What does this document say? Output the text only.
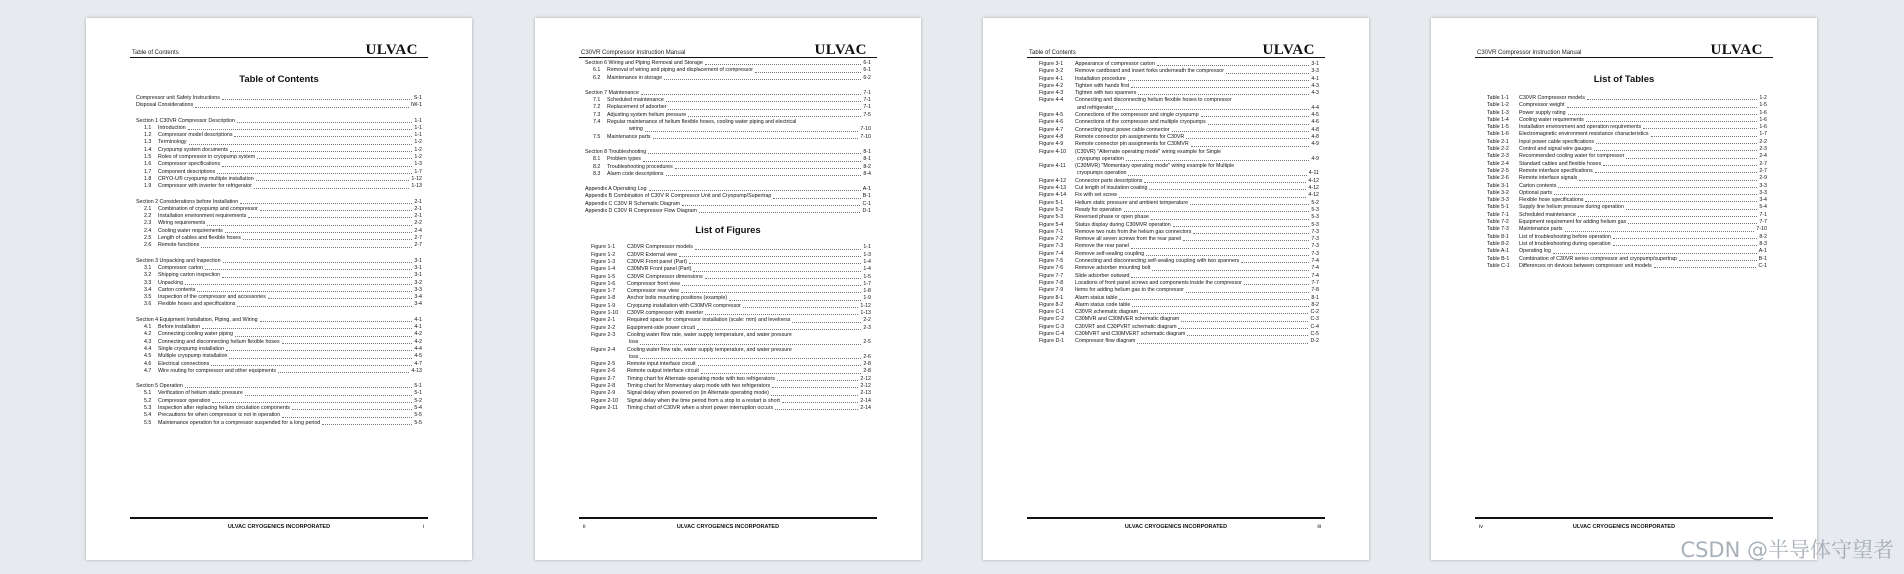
Table of Contents	ULVAC
Table of Contents
Compressor unit Safety Instructions	S-1
Disposal Considerations	IW-1
Section 1 C30VR Compressor Description	1-1
1.1	Introduction	1-1
1.2	Compressor model descriptions	1-1
1.3	Terminology	1-2
1.4	Cryopump system documents	1-2
1.5	Roles of compressor in cryopump system	1-2
1.6	Compressor specifications	1-3
1.7	Component descriptions	1-7
1.8	CRYO-U® cryopump multiple installation	1-12
1.9	Compressor with inverter for refrigerator	1-13
Section 2 Considerations before Installation	2-1
2.1	Combination of cryopump and compressor	2-1
2.2	Installation environment requirements	2-1
2.3	Wiring requirements	2-2
2.4	Cooling water requirements	2-4
2.5	Length of cables and flexible hoses	2-7
2.6	Remote functions	2-7
Section 3 Unpacking and Inspection	3-1
3.1	Compressor carton	3-1
3.2	Shipping carton inspection	3-1
3.3	Unpacking	3-2
3.4	Carton contents	3-3
3.5	Inspection of the compressor and accessories	3-4
3.6	Flexible hoses and specifications	3-4
Section 4 Equipment Installation, Piping, and Wiring	4-1
4.1	Before installation	4-1
4.2	Connecting cooling water piping	4-2
4.3	Connecting and disconnecting helium flexible hoses	4-2
4.4	Single cryopump installation	4-4
4.5	Multiple cryopump installation	4-5
4.6	Electrical connections	4-7
4.7	Wire routing for compressor and other equipments	4-13
Section 5 Operation	5-1
5.1	Verification of helium static pressure	5-1
5.2	Compressor operation	5-2
5.3	Inspection after replacing helium circulation components	5-4
5.4	Precautions for when compressor is not in operation	5-5
5.5	Maintenance operation for a compressor suspended for a long period	5-5
ULVAC CRYOGENICS INCORPORATED	i
C30VR Compressor Instruction Manual	ULVAC
Section 6 Wiring and Piping Removal and Storage	6-1
6.1	Removal of wiring and piping and displacement of compressor	6-1
6.2	Maintenance in storage	6-2
Section 7 Maintenance	7-1
7.1	Scheduled maintenance	7-1
7.2	Replacement of adsorber	7-1
7.3	Adjusting system helium pressure	7-5
7.4	Regular maintenance of helium flexible hoses, cooling water piping and electrical
wiring	7-10
7.5	Maintenance parts	7-10
Section 8 Troubleshooting	8-1
8.1	Problem types	8-1
8.2	Troubleshooting procedures	8-2
8.3	Alarm code descriptions	8-4
Appendix A Operating Log	A-1
Appendix B Combination of C30V R Compressor Unit and Cryopump/Supertrap	B-1
Appendix C C30V R Schematic Diagram	C-1
Appendix D C30V R Compressor Flow Diagram	D-1
List of Figures
Figure 1-1	C30VR Compressor models	1-1
Figure 1-2	C30VR External view	1-3
Figure 1-3	C30VR Front panel (Part)	1-4
Figure 1-4	C30MVR Front panel (Part)	1-4
Figure 1-5	C30VR Compressor dimensions	1-5
Figure 1-6	Compressor front view	1-7
Figure 1-7	Compressor rear view	1-8
Figure 1-8	Anchor bolts mounting positions (example)	1-9
Figure 1-9	Cryopump installation with C30MVR compressor	1-12
Figure 1-10	C30VR compressor with inverter	1-13
Figure 2-1	Required space for compressor installation (scale: mm) and levelness	2-2
Figure 2-2	Equipment-side power circuit	2-3
Figure 2-3	Cooling water flow rate, water supply temperature, and water pressure
loss	2-5
Figure 2-4	Cooling water flow rate, water supply temperature, and water pressure
loss	2-6
Figure 2-5	Remote input interface circuit	2-8
Figure 2-6	Remote output interface circuit	2-8
Figure 2-7	Timing chart for Alternate operating mode with two refrigerators	2-12
Figure 2-8	Timing chart for Momentary alarp mode with two refrigerators	2-12
Figure 2-9	Signal delay when powered on (in Alternate operating mode)	2-13
Figure 2-10	Signal delay when the time period from a stop to a restart is short	2-14
Figure 2-11	Timing chart of C30VR when a short power interruption occurs	2-14
ULVAC CRYOGENICS INCORPORATED
ii
Table of Contents	ULVAC
Figure 3-1	Appearance of compressor carton	3-1
Figure 3-2	Remove cardboard and insert forks underneath the compressor	3-3
Figure 4-1	Installation procedure	4-1
Figure 4-2	Tighten with hands first	4-3
Figure 4-3	Tighten with two spanners	4-3
Figure 4-4	Connecting and disconnecting helium flexible hoses to compressor
and refrigerator	4-4
Figure 4-5	Connections of the compressor and single cryopump	4-5
Figure 4-6	Connections of the compressor and multiple cryopumps	4-6
Figure 4-7	Connecting input power cable connector	4-8
Figure 4-8	Remote connector pin assignments for C30VR	4-8
Figure 4-9	Remote connector pin assignments for C30MVR	4-9
Figure 4-10	(C30VR) "Alternate operating mode" wiring example for Single
cryopump operation	4-9
Figure 4-11	(C30MVR) "Momentary operating mode" wiring example for Multiple
cryopumps operation	4-11
Figure 4-12	Connector parts descriptions	4-12
Figure 4-13	Cut length of insulation coating	4-12
Figure 4-14	Fix with set screw	4-12
Figure 5-1	Helium static pressure and ambient temperature	5-2
Figure 5-2	Ready for operation	5-3
Figure 5-3	Reversed phase or open phase	5-3
Figure 5-4	Status display during C30MVR operation	5-3
Figure 7-1	Remove two nuts from the helium gas connectors	7-3
Figure 7-2	Remove all seven screws from the rear panel	7-3
Figure 7-3	Remove the rear panel	7-3
Figure 7-4	Remove self-sealing coupling	7-3
Figure 7-5	Connecting and disconnecting self-sealing coupling with two spanners	7-4
Figure 7-6	Remove adsorber mounting bolt	7-4
Figure 7-7	Slide adsorber outward	7-4
Figure 7-8	Locations of front panel screws and components inside the compressor	7-7
Figure 7-9	Items for adding helium gas to the compressor	7-8
Figure 8-1	Alarm status table	8-1
Figure 8-2	Alarm status code table	8-2
Figure C-1	C30VR schematic diagram	C-2
Figure C-2	C30MVR and C30MVER schematic diagram	C-3
Figure C-3	C30VRT and C30PVRT schematic diagram	C-4
Figure C-4	C30MVRT and C30MVERT schematic diagram	C-5
Figure D-1	Compressor flow diagram	D-2
ULVAC CRYOGENICS INCORPORATED	iii
C30VR Compressor Instruction Manual	ULVAC
List of Tables
Table 1-1	C30VR Compressor models	1-2
Table 1-2	Compressor weight	1-5
Table 1-3	Power supply rating	1-6
Table 1-4	Cooling water requirements	1-6
Table 1-5	Installation environment and operation requirements	1-6
Table 1-6	Electromagnetic environment resistance characteristics	1-7
Table 2-1	Input power cable specifications	2-2
Table 2-2	Control and signal wire gauges	2-3
Table 2-3	Recommended cooling water for compressor	2-4
Table 2-4	Standard cables and flexible hoses	2-7
Table 2-5	Remote interface specifications	2-7
Table 2-6	Remote interface signals	2-9
Table 3-1	Carton contents	3-3
Table 3-2	Optional parts	3-3
Table 3-3	Flexible hose specifications	3-4
Table 5-1	Supply line helium pressure during operation	5-4
Table 7-1	Scheduled maintenance	7-1
Table 7-2	Equipment requirement for adding helium gas	7-7
Table 7-3	Maintenance parts	7-10
Table 8-1	List of troubleshooting before operation	8-2
Table 8-2	List of troubleshooting during operation	8-3
Table A-1	Operating log	A-1
Table B-1	Combination of C30VR series compressor and cryopump/supertrap	B-1
Table C-1	Differences on devices between compressor unit models	C-1
ULVAC CRYOGENICS INCORPORATED
iv
CSDN @半导体守望者
